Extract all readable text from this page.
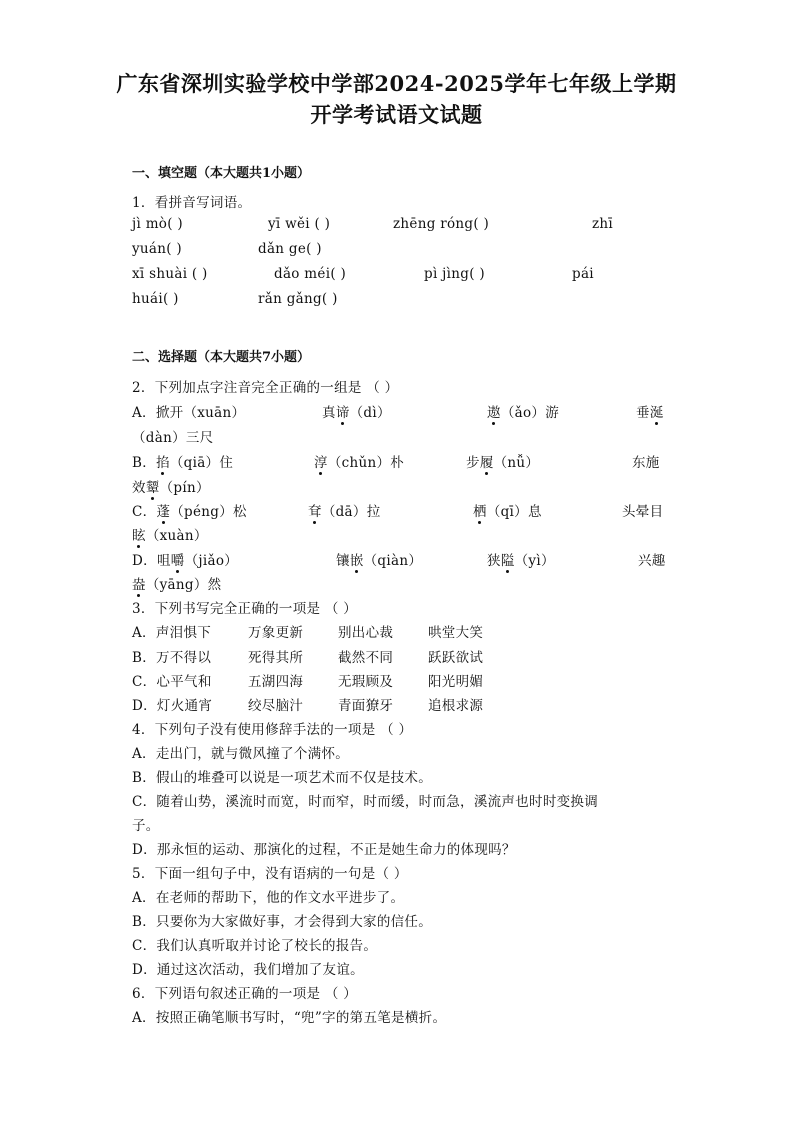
广东省深圳实验学校中学部2024-2025学年七年级上学期
开学考试语文试题
一、填空题（本大题共1小题）
1．看拼音写词语。
jì mò( )	yī wěi ( )	zhēng róng( )	zhī
yuán( )	dǎn ge( )
xī shuài ( )	dǎo méi( )	pì jìng( )	pái
huái( )	rǎn gǎng( )
二、选择题（本大题共7小题）
2．下列加点字注音完全正确的一组是 （ ）
A．掀开（xuān）	真谛（dì）	遨（ǎo）游	垂涎
（dàn）三尺
B．掐（qiā）住	淳（chǔn）朴	步履（nǚ）	东施
效颦（pín）
C．蓬（péng）松	耷（dā）拉	栖（qī）息	头晕目
眩（xuàn）
D．咀嚼（jiǎo）	镶嵌（qiàn）	狭隘（yì）	兴趣
盎（yāng）然
3．下列书写完全正确的一项是 （ ）
A．声泪惧下	万象更新	别出心裁	哄堂大笑
B．万不得以	死得其所	截然不同	跃跃欲试
C．心平气和	五湖四海	无瑕顾及	阳光明媚
D．灯火通宵	绞尽脑汁	青面獠牙	追根求源
4．下列句子没有使用修辞手法的一项是 （ ）
A．走出门，就与微风撞了个满怀。
B．假山的堆叠可以说是一项艺术而不仅是技术。
C．随着山势，溪流时而宽，时而窄，时而缓，时而急，溪流声也时时变换调
子。
D．那永恒的运动、那演化的过程，不正是她生命力的体现吗？
5．下面一组句子中，没有语病的一句是（ ）
A．在老师的帮助下，他的作文水平进步了。
B．只要你为大家做好事，才会得到大家的信任。
C．我们认真听取并讨论了校长的报告。
D．通过这次活动，我们增加了友谊。
6．下列语句叙述正确的一项是 （ ）
A．按照正确笔顺书写时，“兜”字的第五笔是横折。
